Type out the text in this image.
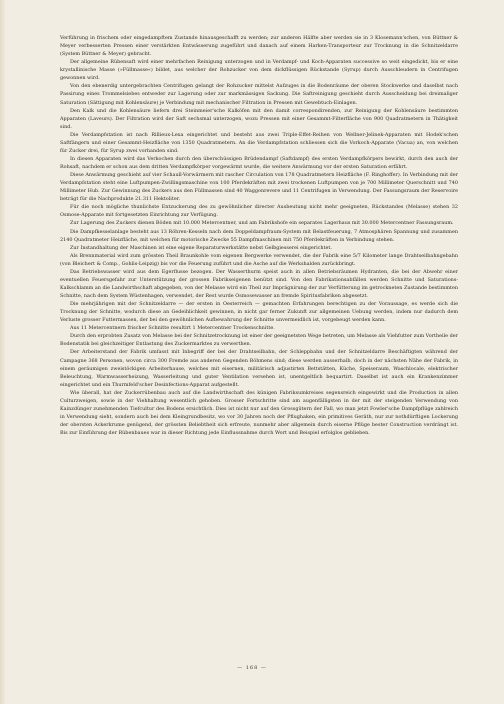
Verführung in frischem oder eingedampftem Zustande hinausgeschafft zu werden; zur anderen Hälfte aber werden sie in 3 Klosemann'schen, von Büttner & Meyer verbesserten Pressen einer verstärkten Entwässerung zugeführt und danach auf einem Harken-Transporteur zur Trocknung in die Schnitzeldarre (System Büttner & Meyer) gebracht.

Der allgemeine Rübensaft wird einer mehrfachen Reinigung unterzogen und in Verdampf- und Koch-Apparaten successive so weit eingedickt, bis er eine krystallinische Masse (»Füllmasse«) bildet, aus welcher der Rohzucker von dem dickflüssigen Rückstande (Syrup) durch Ausschleudern in Centrifugen gewonnen wird.

Von den ebenerdig untergebrachten Centrifugen gelangt der Rohzucker mittelst Aufzuges in die Bodenräume der oberen Stockwerke und daselbst nach Passirung eines Trommelsiebes entweder zur Lagerung oder zur markmässigen Sackung. Die Saftreinigung geschieht durch Ausscheidung bei dreimaliger Saturation (Sättigung mit Kohlensäure) je Verbindung mit mechanischer Filtration in Pressen mit Gewebtuch-Einlagen.

Den Kalk und die Kohlensäure liefern drei Steinmeier'sche Kalköfen mit den damit correspondirenden, zur Reinigung der Kohlensäure bestimmten Apparaten (Laveurs). Der Filtration wird der Saft sechsmal unterzogen, wozu Pressen mit einer Gesammt-Filterfläche von 900 Quadratmetern in Thätigkeit sind.

Die Verdampfstation ist nach Rillieux-Lexa eingerichtet und besteht aus zwei Triple-Effet-Reihen von Wellner-Jelinek-Apparaten mit Hodek'schen Saftfängern und einer Gesammt-Heizfläche von 1350 Quadratmetern. An die Verdampfstation schliessen sich die Vorkoch-Apparate (Vacua) an, von welchen für Zucker drei, für Syrup zwei vorhanden sind.

In diesen Apparaten wird das Verkochen durch den überschüssigen Brüdendampf (Saftdampf) des ersten Verdampfkörpers bewirkt, durch den auch der Rohsaft, nachdem er schon aus dem dritten Verdampfkörper vorgewärmt wurde, die weitere Anwärmung vor der ersten Saturation erfährt.

Diese Anwärmung geschieht auf vier Schaull-Vorwärmern mit rascher Circulation von 178 Quadratmetern Heizfläche (F. Ringhoffer). In Verbindung mit der Verdampfstation steht eine Luftpumpen-Zwillingsmaschine von 100 Pferdekräften mit zwei trockenen Luftpumpen von je 700 Millimeter Querschnitt und 740 Millimeter Hub. Zur Gewinnung des Zuckers aus den Füllmassen sind 40 Waggonrevere und 11 Centrifugen in Verwendung. Der Fassungsraum der Reservoire beträgt für die Nachprodukte 21.311 Hektoliter.

Für die noch mögliche thunlichste Entzuckerung des zu gewöhnlicher directer Ausbeutung nicht mehr geeigneten, Rückstandes (Melasse) stehen 32 Osmose-Apparate mit fortgesetzten Einrichtung zur Verfügung.

Zur Lagerung des Zuckers dienen Böden mit 10.000 Metercentner, und am Fabrikshofe ein separates Lagerhaus mit 30.000 Metercentner Fassungsraum.

Die Dampfkesselanlage besteht aus 13 Röhren-Kesseln nach dem Doppeldampfraum-System mit Belastfeuerung, 7 Atmosphären Spannung und zusammen 2140 Quadratmeter Heizfläche, mit welchen für motorische Zwecke 55 Dampfmaschinen mit 750 Pferdekräften in Verbindung stehen.

Zur Instandhaltung der Maschinen ist eine eigene Reparaturwerkstätte nebst Gelbgiesserei eingerichtet.

Als Brennmaterial wird zum grössten Theil Braunkohle vom eigenen Bergwerke verwendet, die der Fabrik eine 5/7 Kilometer lange Drahtseilbahngebahn (von Bleichert & Comp., Gohlis-Leipzig) bis vor die Feuerung zuführt und die Asche auf die Werkshalden zurückbringt.

Das Betriebswasser wird aus dem Egerflusse bezogen. Der Wasserthurm speist auch in allen Betriebsräumen Hydranten, die bei der Abwehr einer eventuellen Feuersgefahr zur Unterstützung der grossen Fabrikseigenen benützt sind. Von den Fabrikationsabfällen werden Schnitte und Saturations-Kalkschlamm an die Landwirthschaft abgegeben, von der Melasse wird ein Theil zur Imprägnirung der zur Verfütterung im getrockneten Zustande bestimmten Schnitte, nach dem System Wüstenhagen, verwendet, der Rest wurde Osmosewasser an fremde Spiritusfabriken abgesetzt.

Die mehrjährigen mit der Schnitzeldarre — der ersten in Oesterreich — gemachten Erfahrungen berechtigen zu der Voraussage, es werde sich die Trocknung der Schnitte, wodurch diese an Gedeihlichkeit gewinnen, in nicht gar ferner Zukunft zur allgemeinen Uebung werden, indem nur dadurch dem Verluste grosser Futtermassen, der bei den gewöhnlichen Aufbewahrung der Schnitte unvermeidlich ist, vorgebeugt werden kann.

Aus 11 Metercentnern frischer Schnitte resultirt 1 Metercentner Trockenschnitte.

Durch den erprobten Zusatz von Melasse bei der Schnitzetrocknung ist einer der geeignetsten Wege betreten, um Melasse als Viehfutter zum Vortheile der Bodenstatik bei gleichzeitiger Entlastung des Zuckermarktes zu verwerthen.

Der Arbeiterstand der Fabrik umfasst mit Inbegriff der bei der Drahtseilbahn, der Schleppbahn und der Schnitzeldarre Beschäftigten während der Campagne 368 Personen, wovon circa 300 Fremde aus anderen Gegenden Böhmens sind; diese werden ausserhalb, doch in der nächsten Nähe der Fabrik, in einem geräumigen zweistöckigen Arbeiterhause, welches mit eisernen, militärisch adjustirten Bettstätten, Küche, Speiseraum, Waschlocale, elektrischer Beleuchtung, Warmwasserheizung, Wasserleitung und guter Ventilation versehen ist, unentgeltlich bequartirt. Daselbst ist auch ein Krankenzimmer eingerichtet und ein Thurmfeld'scher Desinfections-Apparat aufgestellt.

Wie überall, hat der Zuckerrübenbau auch auf die Landwirthschaft des künigen Fabriksumkreises segensreich eingewirkt und die Production in allen Culturzweigen, sowie in der Viehhaltung wesentlich gehoben. Grosser Fortschritte sind am augenfälligsten in der mit der steigenden Verwendung von Kainzdünger zunehmenden Tiefcultur des Bodens ersichtlich. Dies ist nicht nur auf den Grossgütern der Fall, wo man jetzt Fowler'sche Dampfpflüge zahlreich in Verwendung sieht, sondern auch bei dem Kleingrundbesitz, wo vor 30 Jahren noch der Pflughaken, ein primitives Geräth, nur zur nothdürftigen Lockerung der obersten Ackerkrume genügend, der grössten Beliebtheit sich erfreute, nunmehr aber allgemein durch eiserne Pflüge bester Construction verdrängt ist. Bis zur Einführung der Rübenbaues war in dieser Richtung jede Einflussnahme durch Wort und Beispiel erfolglos geblieben.

— 168 —
